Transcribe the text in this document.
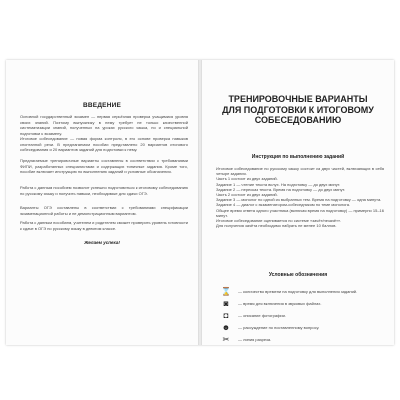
ВВЕДЕНИЕ

Основной государственный экзамен — первая серьёзная проверка учащимися уровня своих знаний. Поэтому выпускнику в нему требует не только качественной систематизации знаний, полученных на уроках русского языка, но и специальной подготовки к экзамену.

Итоговое собеседование — новая форма контроля, в его основе проверка навыков спонтанной речи. В предлагаемом пособии представлено 20 вариантов итогового собеседования и 20 вариантов заданий для подготовки к нему.

Предлагаемые тренировочные варианты составлены в соответствии с требованиями ФИПИ, разработанных специалистами и содержащих типичные задания. Кроме того, пособие включает инструкцию по выполнению заданий и условные обозначения.

Работа с данным пособием позволит успешно подготовиться к итоговому собеседованию по русскому языку и получить навыки, необходимые для сдачи ОГЭ.

Варианты ОГЭ составлены в соответствии с требованиями спецификации экзаменационной работы и не демонстрационным вариантом.

Работа с данным пособием, учителем и родителем сможет проверить уровень готовности к сдаче в ОГЭ по русскому языку в девятом классе.

Желаем успеха!
ТРЕНИРОВОЧНЫЕ ВАРИАНТЫ
ДЛЯ ПОДГОТОВКИ К ИТОГОВОМУ
СОБЕСЕДОВАНИЮ
Инструкция по выполнению заданий
Итоговое собеседование по русскому языку состоит из двух частей, включающих в себя четыре задания.
Часть 1 состоит из двух заданий.
Задание 1 — чтение текста вслух. На подготовку — до двух минут.
Задание 2 — пересказ текста. Время на подготовку — до двух минут.
Часть 2 состоит из двух заданий.
Задание 3 — монолог по одной из выбранных тем. Время на подготовку — одна минута.
Задание 4 — диалог с экзаменатором-собеседником по теме монолога.
Общее время ответа одного участника (включая время на подготовку) — примерно 15–16 минут.
Итоговое собеседование оценивается по системе «зачёт/незачёт».
Для получения зачёта необходимо набрать не менее 10 баллов.
Условные обозначения
⌛ — количество времени на подготовку для выполнения заданий.
◙	— время для включения в звуковых файлах.
◘	— описание фотографии.
☻	— рассуждение по поставленному вопросу.
✂	— линия разреза.
